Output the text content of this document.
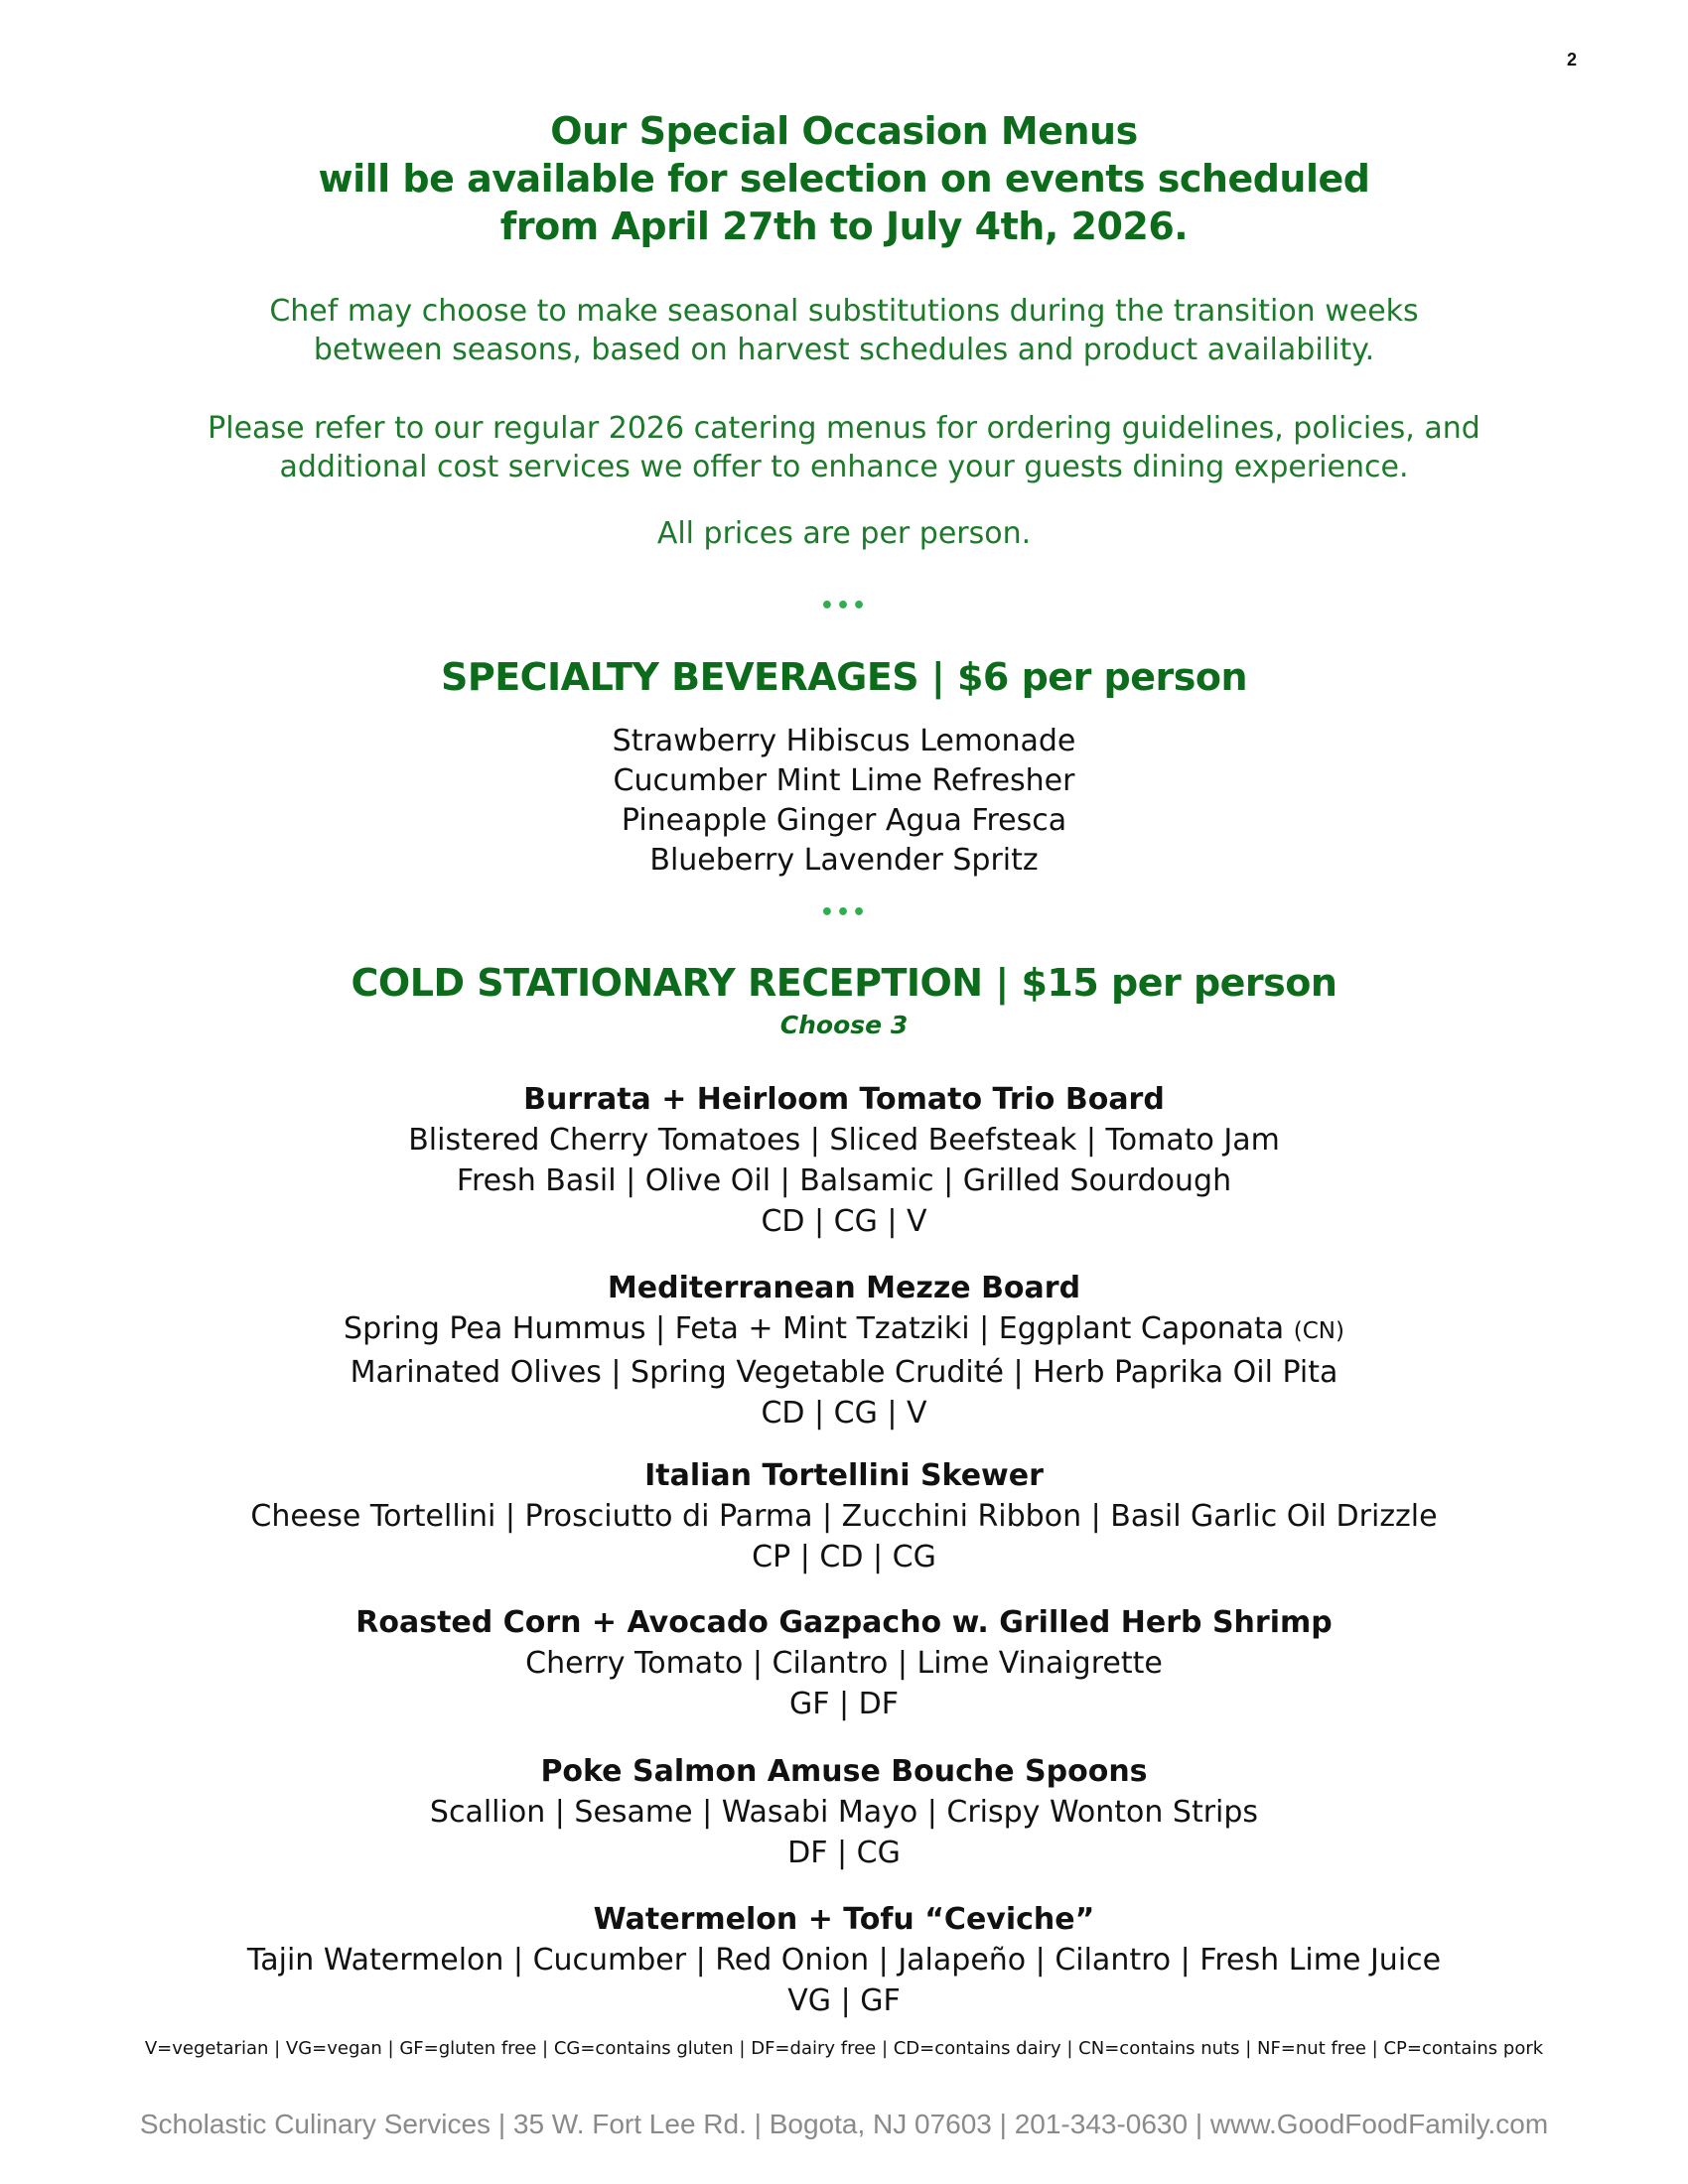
2
Our Special Occasion Menus
will be available for selection on events scheduled
from April 27th to July 4th, 2026.
Chef may choose to make seasonal substitutions during the transition weeks
between seasons, based on harvest schedules and product availability.
Please refer to our regular 2026 catering menus for ordering guidelines, policies, and
additional cost services we offer to enhance your guests dining experience.
All prices are per person.
•••
SPECIALTY BEVERAGES | $6 per person
Strawberry Hibiscus Lemonade
Cucumber Mint Lime Refresher
Pineapple Ginger Agua Fresca
Blueberry Lavender Spritz
•••
COLD STATIONARY RECEPTION | $15 per person
Choose 3
Burrata + Heirloom Tomato Trio Board
Blistered Cherry Tomatoes | Sliced Beefsteak | Tomato Jam
Fresh Basil | Olive Oil | Balsamic | Grilled Sourdough
CD | CG | V
Mediterranean Mezze Board
Spring Pea Hummus | Feta + Mint Tzatziki | Eggplant Caponata (CN)
Marinated Olives | Spring Vegetable Crudité | Herb Paprika Oil Pita
CD | CG | V
Italian Tortellini Skewer
Cheese Tortellini | Prosciutto di Parma | Zucchini Ribbon | Basil Garlic Oil Drizzle
CP | CD | CG
Roasted Corn + Avocado Gazpacho w. Grilled Herb Shrimp
Cherry Tomato | Cilantro | Lime Vinaigrette
GF | DF
Poke Salmon Amuse Bouche Spoons
Scallion | Sesame | Wasabi Mayo | Crispy Wonton Strips
DF | CG
Watermelon + Tofu “Ceviche”
Tajin Watermelon | Cucumber | Red Onion | Jalapeño | Cilantro | Fresh Lime Juice
VG | GF
V=vegetarian | VG=vegan | GF=gluten free | CG=contains gluten | DF=dairy free | CD=contains dairy | CN=contains nuts | NF=nut free | CP=contains pork
Scholastic Culinary Services | 35 W. Fort Lee Rd. | Bogota, NJ 07603 | 201-343-0630 | www.GoodFoodFamily.com
